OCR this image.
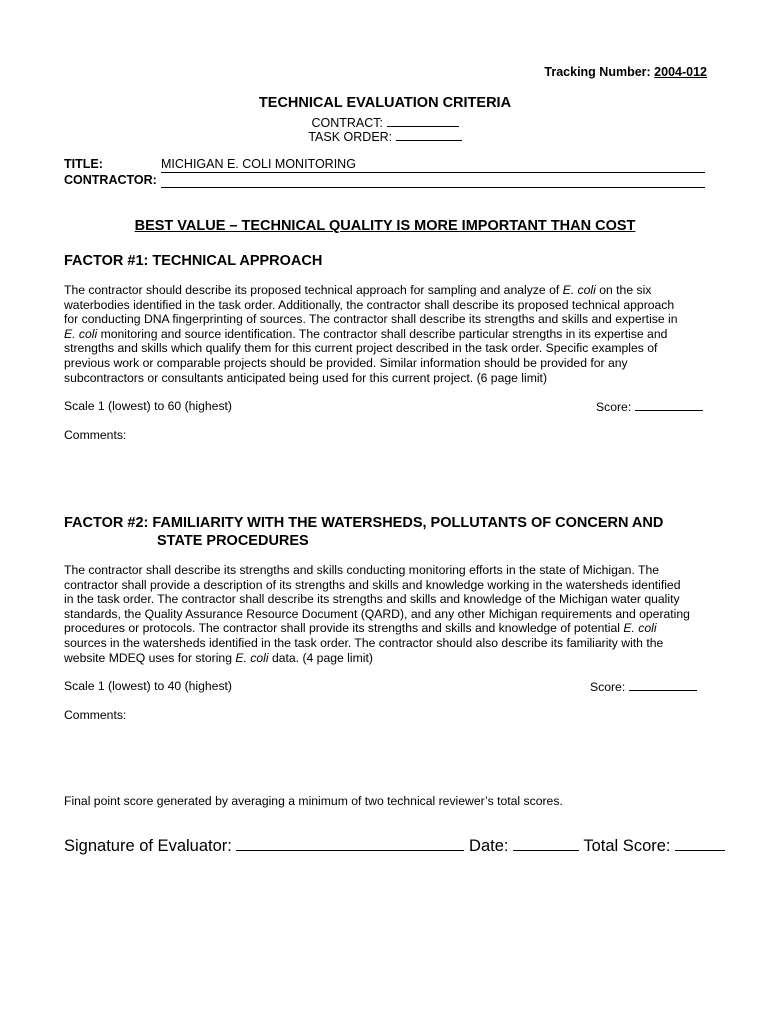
Tracking Number: 2004-012
TECHNICAL EVALUATION CRITERIA
CONTRACT:
TASK ORDER:
TITLE:	MICHIGAN E. COLI MONITORING
CONTRACTOR:
BEST VALUE – TECHNICAL QUALITY IS MORE IMPORTANT THAN COST
FACTOR #1: TECHNICAL APPROACH
The contractor should describe its proposed technical approach for sampling and analyze of E. coli on the six
waterbodies identified in the task order. Additionally, the contractor shall describe its proposed technical approach
for conducting DNA fingerprinting of sources. The contractor shall describe its strengths and skills and expertise in
E. coli monitoring and source identification. The contractor shall describe particular strengths in its expertise and
strengths and skills which qualify them for this current project described in the task order. Specific examples of
previous work or comparable projects should be provided. Similar information should be provided for any
subcontractors or consultants anticipated being used for this current project. (6 page limit)
Scale 1 (lowest) to 60 (highest)	Score:
Comments:
FACTOR #2: FAMILIARITY WITH THE WATERSHEDS, POLLUTANTS OF CONCERN AND
STATE PROCEDURES
The contractor shall describe its strengths and skills conducting monitoring efforts in the state of Michigan. The
contractor shall provide a description of its strengths and skills and knowledge working in the watersheds identified
in the task order. The contractor shall describe its strengths and skills and knowledge of the Michigan water quality
standards, the Quality Assurance Resource Document (QARD), and any other Michigan requirements and operating
procedures or protocols. The contractor shall provide its strengths and skills and knowledge of potential E. coli
sources in the watersheds identified in the task order. The contractor should also describe its familiarity with the
website MDEQ uses for storing E. coli data. (4 page limit)
Scale 1 (lowest) to 40 (highest)	Score:
Comments:
Final point score generated by averaging a minimum of two technical reviewer’s total scores.
Signature of Evaluator:	Date:	Total Score:
